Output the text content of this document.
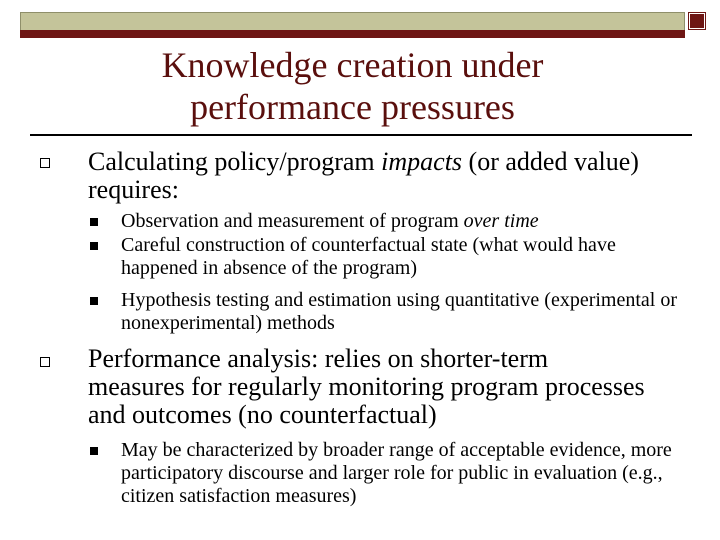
Knowledge creation under
performance pressures
Calculating policy/program impacts (or added value) requires:
Observation and measurement of program over time
Careful construction of counterfactual state (what would have happened in absence of the program)
Hypothesis testing and estimation using quantitative (experimental or nonexperimental) methods
Performance analysis: relies on shorter-term measures for regularly monitoring program processes and outcomes (no counterfactual)
May be characterized by broader range of acceptable evidence, more participatory discourse and larger role for public in evaluation (e.g., citizen satisfaction measures)
